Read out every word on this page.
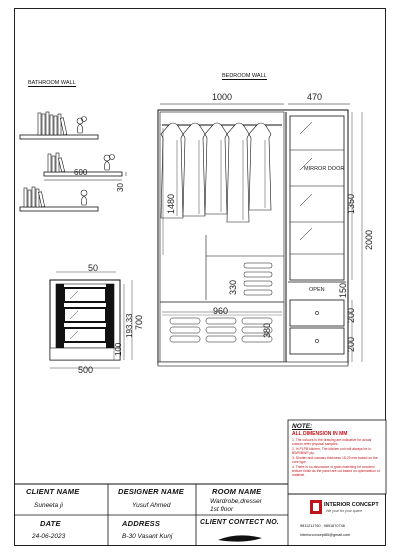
BATHROOM WALL
600
30
BEDROOM WALL
1000	470
1480
MIRROR DOOR
1350
2000
330	OPEN 150
960
380
200
200
50
193.33 700
100
500
NOTE:
ALL DIMENSION IN MM
1. The colours in the drawing are indicative for actual colours refer physical samples.
2. In PLPB kitchen, The kitchen unit will always be in BWR/BWP ply.
3. Shutter and carcass thickness 18-20 mm based on the core type.
4. There is no assurance of grain matching for wooden/ texture finish as the panel are cut based on optimization of material.
CLIENT NAME
Suneeta ji
DESIGNER NAME
Yusuf Ahmed
ROOM NAME
Wardrobe,dresser
1st floor
DATE
24-06-2023
ADDRESS
B-30 Vasant Kunj
CLIENT CONTECT NO.
INTERIOR CONCEPT
We your for your space
9811211760 , 9891870748
interiorconcept85@gmail.com
